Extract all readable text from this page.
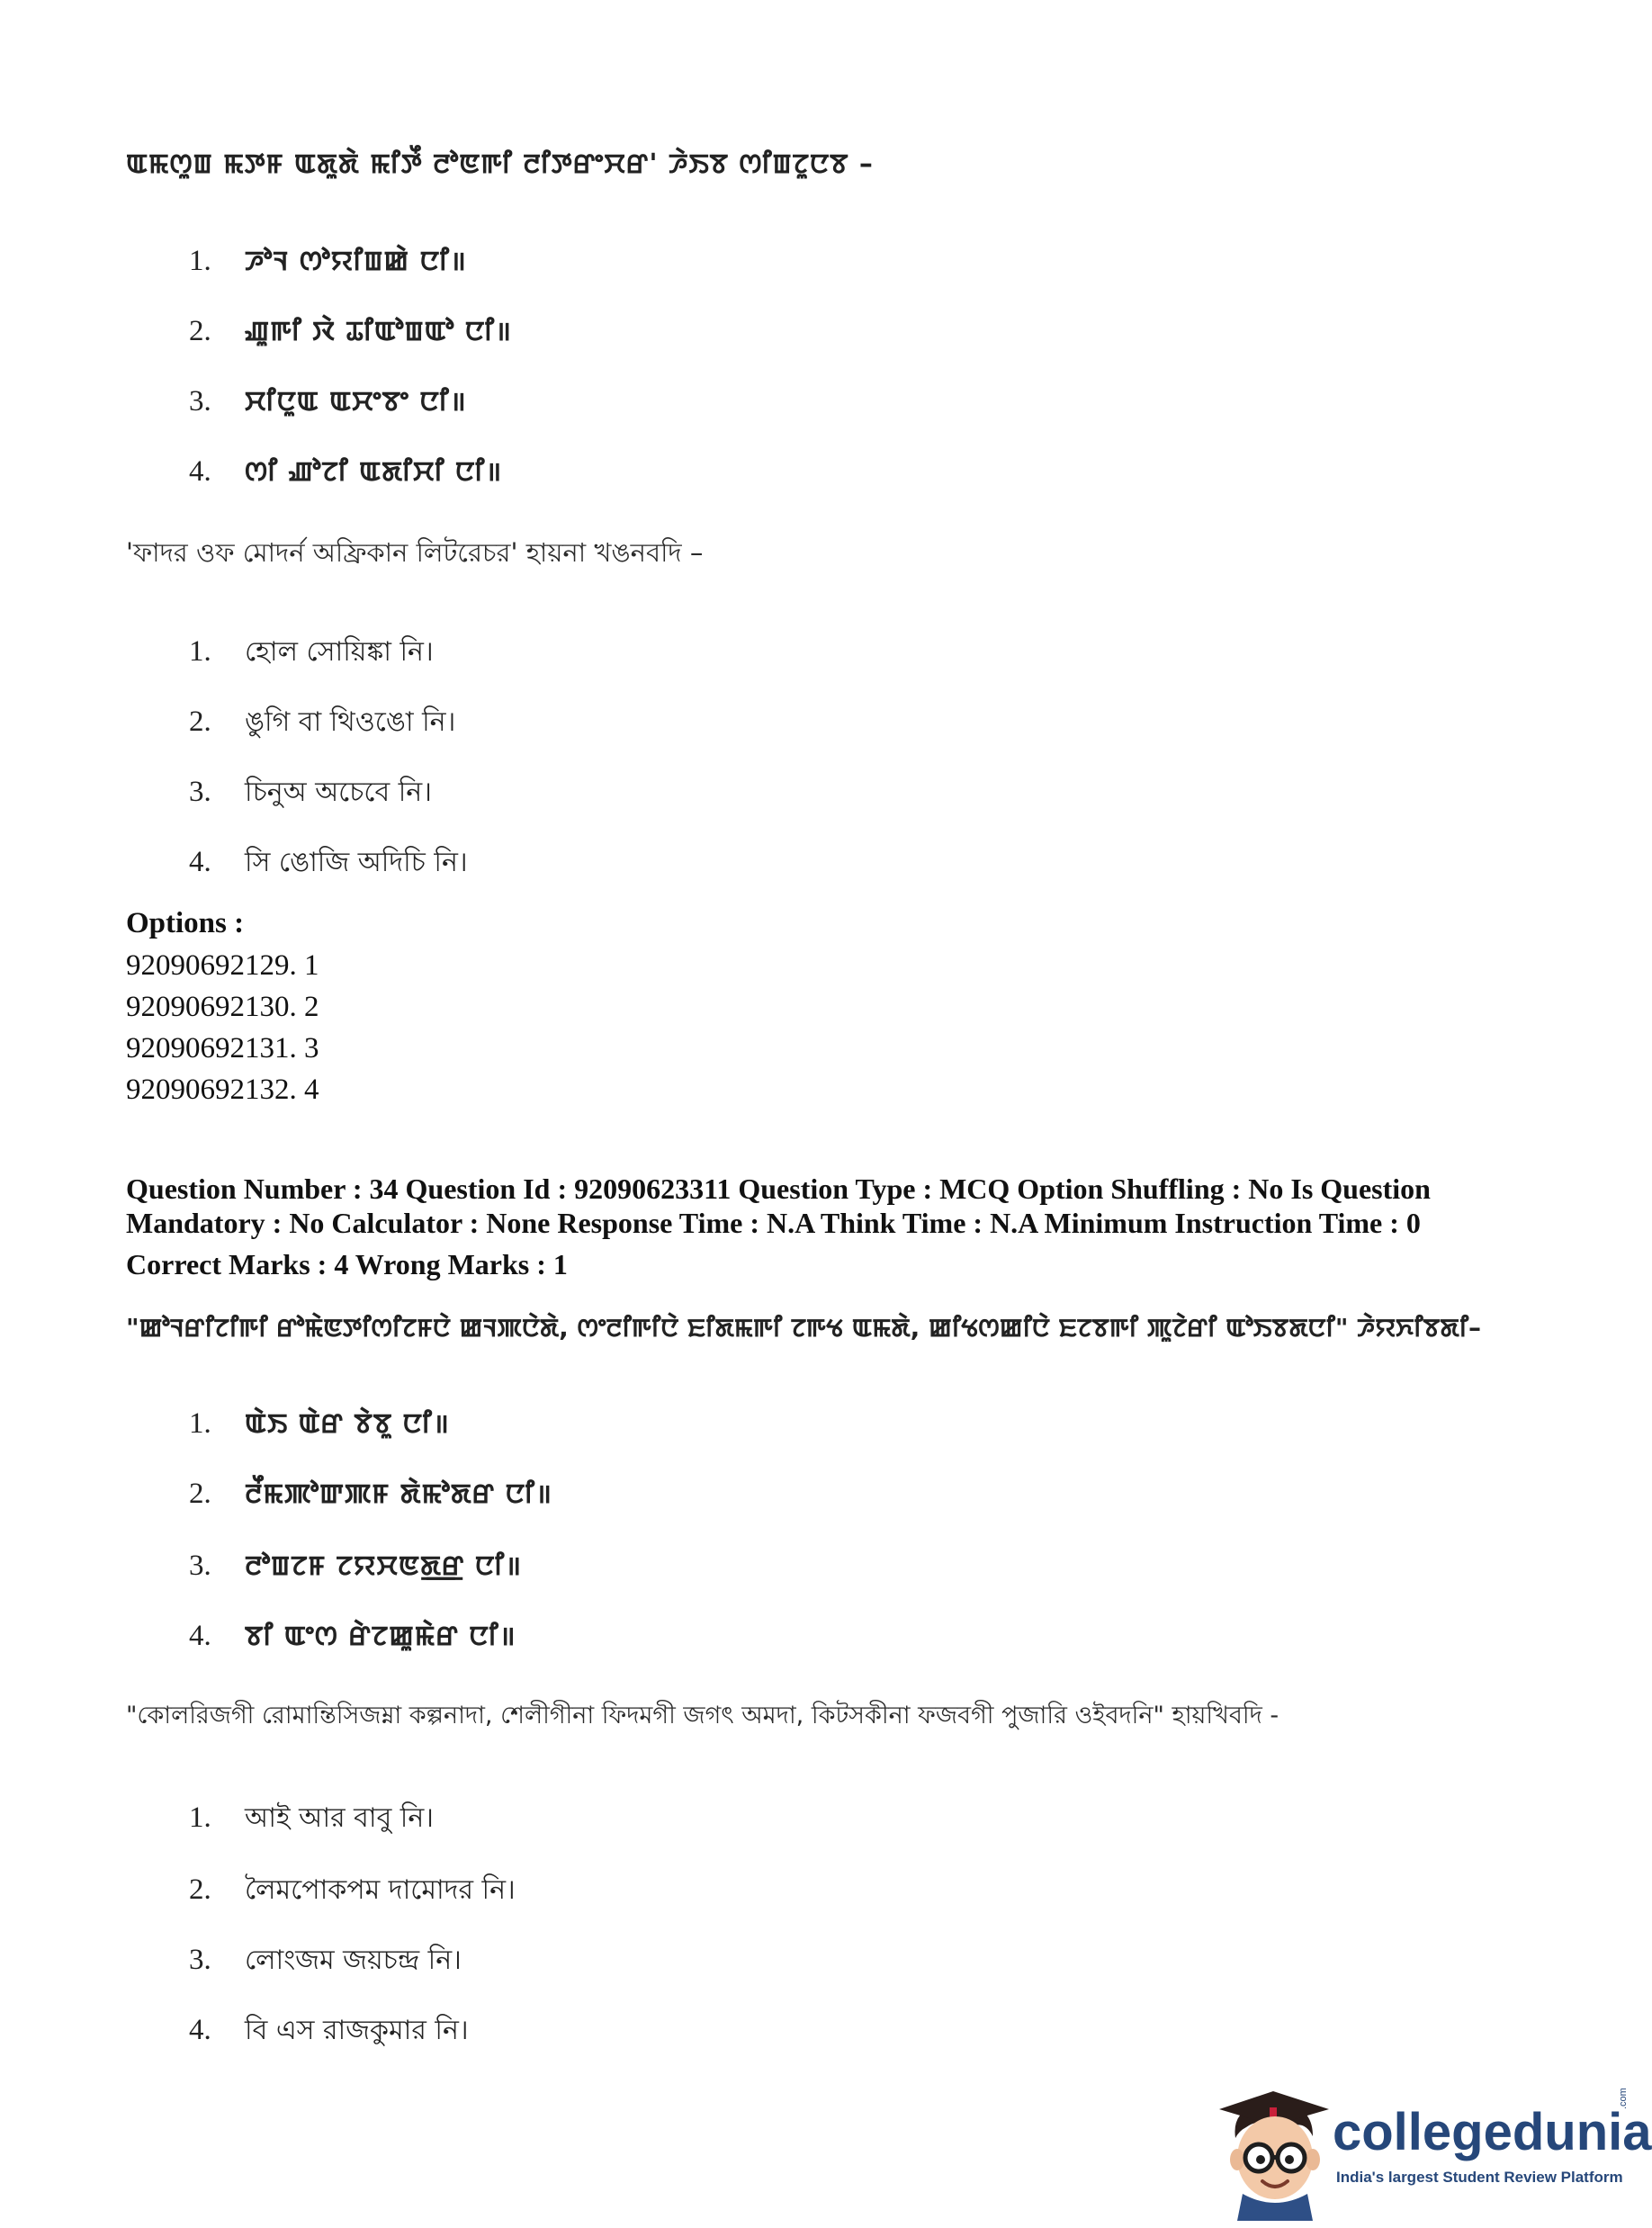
ꯑꯃꯁꯨꯡ ꯃꯇꯝ ꯑꯗꯨꯗꯥ ꯃꯤꯇꯩ ꯂꯣꯟꯒꯤ ꯂꯤꯇꯔꯦꯆꯔ' ꯍꯥꯏꯕ ꯁꯤꯡꯖꯨꯅꯕ –
1.	ꯍꯣꯜ ꯁꯣꯌꯤꯡꯀꯥ ꯅꯤ॥
2.	ꯉꯨꯒꯤ ꯋꯥ ꯊꯤꯑꯣꯡꯑꯣ ꯅꯤ॥
3.	ꯆꯤꯅꯨꯑ ꯑꯆꯦꯕꯦ ꯅꯤ॥
4.	ꯁꯤ ꯉꯣꯖꯤ ꯑꯗꯤꯆꯤ ꯅꯤ॥
'ফাদর ওফ মোদর্ন অফ্রিকান লিটরেচর' হায়না খঙনবদি –
1.	হোল সোয়িঙ্কা নি।
2.	ঙুগি বা থিওঙো নি।
3.	চিনুঅ অচেবে নি।
4.	সি ঙোজি অদিচি নি।
Options :
92090692129. 1
92090692130. 2
92090692131. 3
92090692132. 4
Question Number : 34 Question Id : 92090623311 Question Type : MCQ Option Shuffling : No Is Question
Mandatory : No Calculator : None Response Time : N.A Think Time : N.A Minimum Instruction Time : 0
Correct Marks : 4 Wrong Marks : 1
"ꯀꯣꯜꯔꯤꯖꯤꯒꯤ ꯔꯣꯃꯥꯟꯇꯤꯁꯤꯖꯝꯅꯥ ꯀꯜꯄꯅꯥꯗꯥ, ꯁꯦꯂꯤꯒꯤꯅꯥ ꯐꯤꯗꯃꯒꯤ ꯖꯒꯠ ꯑꯃꯗꯥ, ꯀꯤꯠꯁꯀꯤꯅꯥ ꯐꯖꯕꯒꯤ ꯄꯨꯖꯥꯔꯤ ꯑꯣꯏꯕꯗꯅꯤ" ꯍꯥꯌꯈꯤꯕꯗꯤ–
1.	ꯑꯥꯏ ꯑꯥꯔ ꯕꯥꯕꯨ ꯅꯤ॥
2.	ꯂꯩꯃꯄꯣꯛꯄꯝ ꯗꯥꯃꯣꯗꯔ ꯅꯤ॥
3.	ꯂꯣꯡꯖꯝ ꯖꯌꯆꯟꯗ꯭ꯔ ꯅꯤ॥
4.	ꯕꯤ ꯑꯦꯁ ꯔꯥꯖꯀꯨꯃꯥꯔ ꯅꯤ॥
"কোলরিজগী রোমান্তিসিজম্না কল্পনাদা, শেলীগীনা ফিদমগী জগৎ অমদা, কিটসকীনা ফজবগী পুজারি ওইবদনি" হায়খিবদি -
1.	আই আর বাবু নি।
2.	লৈমপোকপম দামোদর নি।
3.	লোংজম জয়চন্দ্র নি।
4.	বি এস রাজকুমার নি।
collegedunia
.com
India's largest Student Review Platform
